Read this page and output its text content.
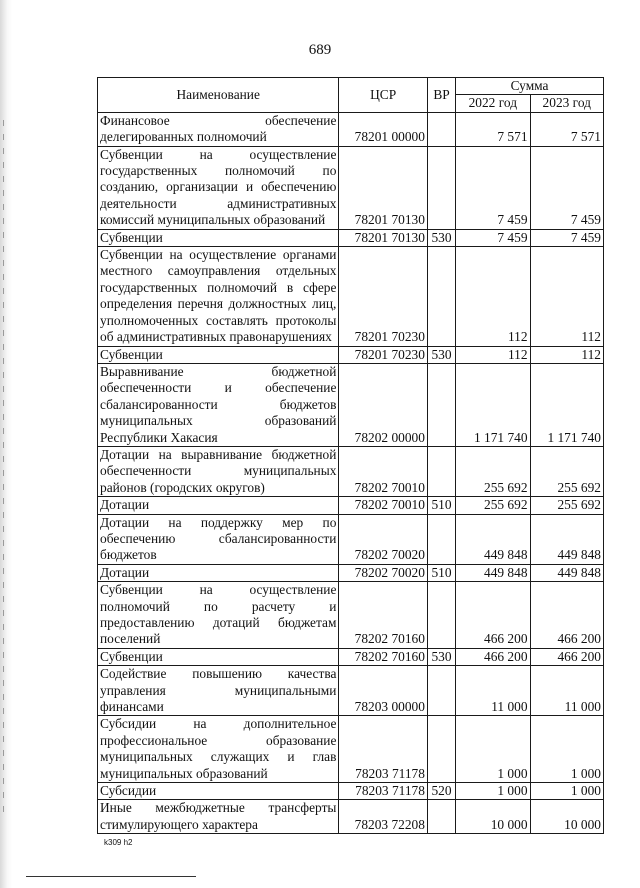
689
Наименование	ЦСР	ВР	Сумма	
			2022 год	2023 год
Финансовое обеспечение делегированных полномочий	78201 00000		7 571	7 571
Субвенции на осуществление государственных полномочий по созданию, организации и обеспечению деятельности административных комиссий муниципальных образований	78201 70130		7 459	7 459
Субвенции	78201 70130	530	7 459	7 459
Субвенции на осуществление органами местного самоуправления отдельных государственных полномочий в сфере определения перечня должностных лиц, уполномоченных составлять протоколы об административных правонарушениях	78201 70230		112	112
Субвенции	78201 70230	530	112	112
Выравнивание бюджетной обеспеченности и обеспечение сбалансированности бюджетов муниципальных образований Республики Хакасия	78202 00000		1 171 740	1 171 740
Дотации на выравнивание бюджетной обеспеченности муниципальных районов (городских округов)	78202 70010		255 692	255 692
Дотации	78202 70010	510	255 692	255 692
Дотации на поддержку мер по обеспечению сбалансированности бюджетов	78202 70020		449 848	449 848
Дотации	78202 70020	510	449 848	449 848
Субвенции на осуществление полномочий по расчету и предоставлению дотаций бюджетам поселений	78202 70160		466 200	466 200
Субвенции	78202 70160	530	466 200	466 200
Содействие повышению качества управления муниципальными финансами	78203 00000		11 000	11 000
Субсидии на дополнительное профессиональное образование муниципальных служащих и глав муниципальных образований	78203 71178		1 000	1 000
Субсидии	78203 71178	520	1 000	1 000
Иные межбюджетные трансферты стимулирующего характера	78203 72208		10 000	10 000
k309 h2
